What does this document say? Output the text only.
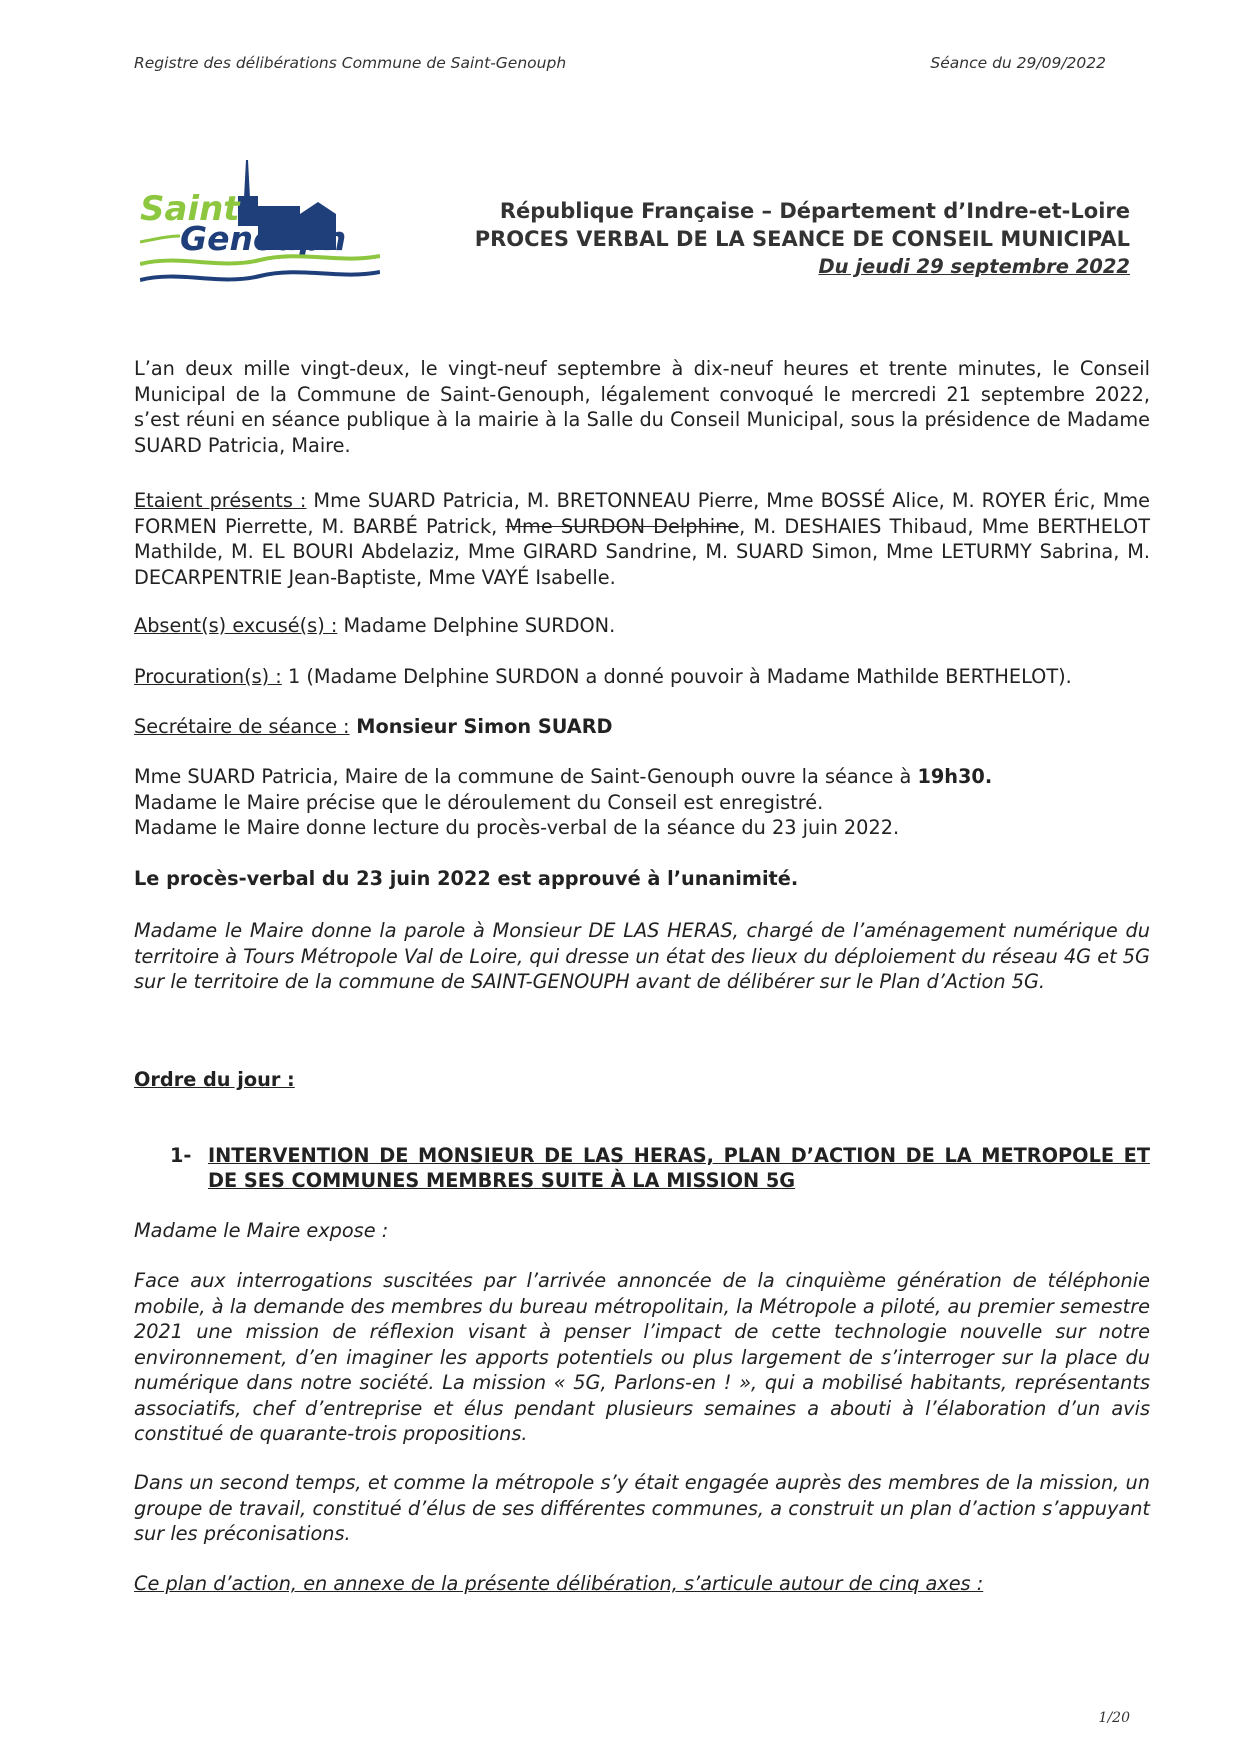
Registre des délibérations Commune de Saint-Genouph	Séance du 29/09/2022
Saint
Genouph
République Française – Département d’Indre-et-Loire
PROCES VERBAL DE LA SEANCE DE CONSEIL MUNICIPAL
Du jeudi 29 septembre 2022

L’an deux mille vingt-deux, le vingt-neuf septembre à dix-neuf heures et trente minutes, le Conseil Municipal de la Commune de Saint-Genouph, légalement convoqué le mercredi 21 septembre 2022, s’est réuni en séance publique à la mairie à la Salle du Conseil Municipal, sous la présidence de Madame SUARD Patricia, Maire.

Etaient présents : Mme SUARD Patricia, M. BRETONNEAU Pierre, Mme BOSSÉ Alice, M. ROYER Éric, Mme FORMEN Pierrette, M. BARBÉ Patrick, Mme SURDON Delphine, M. DESHAIES Thibaud, Mme BERTHELOT Mathilde, M. EL BOURI Abdelaziz, Mme GIRARD Sandrine, M. SUARD Simon, Mme LETURMY Sabrina, M. DECARPENTRIE Jean-Baptiste, Mme VAYÉ Isabelle.

Absent(s) excusé(s) : Madame Delphine SURDON.

Procuration(s) : 1 (Madame Delphine SURDON a donné pouvoir à Madame Mathilde BERTHELOT).

Secrétaire de séance : Monsieur Simon SUARD

Mme SUARD Patricia, Maire de la commune de Saint-Genouph ouvre la séance à 19h30.
Madame le Maire précise que le déroulement du Conseil est enregistré.
Madame le Maire donne lecture du procès-verbal de la séance du 23 juin 2022.

Le procès-verbal du 23 juin 2022 est approuvé à l’unanimité.

Madame le Maire donne la parole à Monsieur DE LAS HERAS, chargé de l’aménagement numérique du territoire à Tours Métropole Val de Loire, qui dresse un état des lieux du déploiement du réseau 4G et 5G sur le territoire de la commune de SAINT-GENOUPH avant de délibérer sur le Plan d’Action 5G.

Ordre du jour :

1- INTERVENTION DE MONSIEUR DE LAS HERAS, PLAN D’ACTION DE LA METROPOLE ET DE SES COMMUNES MEMBRES SUITE À LA MISSION 5G

Madame le Maire expose :

Face aux interrogations suscitées par l’arrivée annoncée de la cinquième génération de téléphonie mobile, à la demande des membres du bureau métropolitain, la Métropole a piloté, au premier semestre 2021 une mission de réflexion visant à penser l’impact de cette technologie nouvelle sur notre environnement, d’en imaginer les apports potentiels ou plus largement de s’interroger sur la place du numérique dans notre société. La mission « 5G, Parlons-en ! », qui a mobilisé habitants, représentants associatifs, chef d’entreprise et élus pendant plusieurs semaines a abouti à l’élaboration d’un avis constitué de quarante-trois propositions.

Dans un second temps, et comme la métropole s’y était engagée auprès des membres de la mission, un groupe de travail, constitué d’élus de ses différentes communes, a construit un plan d’action s’appuyant sur les préconisations.

Ce plan d’action, en annexe de la présente délibération, s’articule autour de cinq axes :

1/20
